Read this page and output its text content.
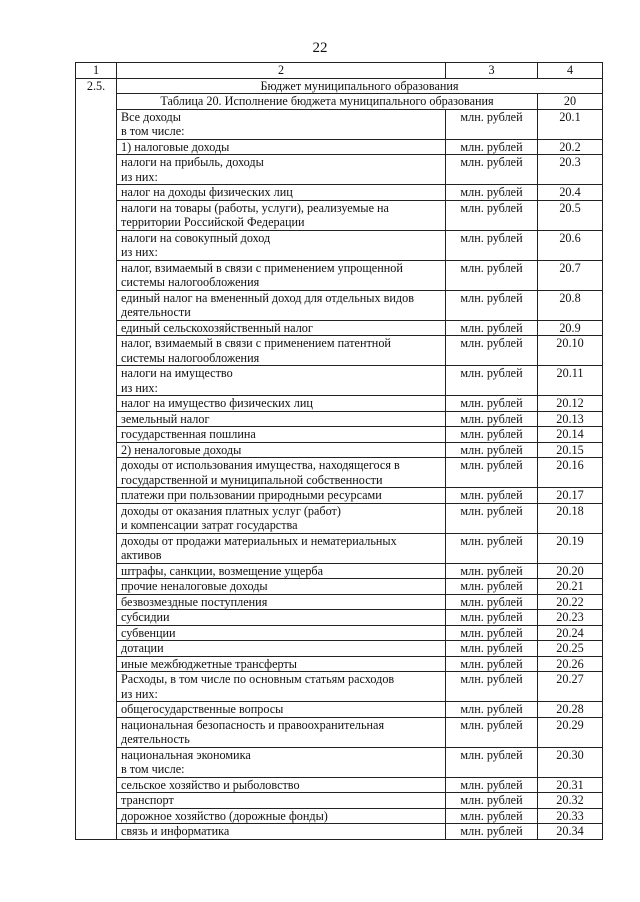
22
1	2	3	4
2.5.	Бюджет муниципального образования		
	Таблица 20. Исполнение бюджета муниципального образования		20

	Все доходы
в том числе:	млн. рублей	20.1

	1) налоговые доходы	млн. рублей	20.2

	налоги на прибыль, доходы
из них:	млн. рублей	20.3

	налог на доходы физических лиц	млн. рублей	20.4

	налоги на товары (работы, услуги), реализуемые на
территории Российской Федерации	млн. рублей	20.5

	налоги на совокупный доход
из них:	млн. рублей	20.6

	налог, взимаемый в связи с применением упрощенной
системы налогообложения	млн. рублей	20.7

	единый налог на вмененный доход для отдельных видов
деятельности	млн. рублей	20.8

	единый сельскохозяйственный налог	млн. рублей	20.9

	налог, взимаемый в связи с применением патентной
системы налогообложения	млн. рублей	20.10

	налоги на имущество
из них:	млн. рублей	20.11

	налог на имущество физических лиц	млн. рублей	20.12

	земельный налог	млн. рублей	20.13

	государственная пошлина	млн. рублей	20.14

	2) неналоговые доходы	млн. рублей	20.15

	доходы от использования имущества, находящегося в
государственной и муниципальной собственности	млн. рублей	20.16

	платежи при пользовании природными ресурсами	млн. рублей	20.17

	доходы от оказания платных услуг (работ)
и компенсации затрат государства	млн. рублей	20.18

	доходы от продажи материальных и нематериальных
активов	млн. рублей	20.19

	штрафы, санкции, возмещение ущерба	млн. рублей	20.20

	прочие неналоговые доходы	млн. рублей	20.21

	безвозмездные поступления	млн. рублей	20.22

	субсидии	млн. рублей	20.23

	субвенции	млн. рублей	20.24

	дотации	млн. рублей	20.25

	иные межбюджетные трансферты	млн. рублей	20.26

	Расходы, в том числе по основным статьям расходов
из них:	млн. рублей	20.27

	общегосударственные вопросы	млн. рублей	20.28

	национальная безопасность и правоохранительная
деятельность	млн. рублей	20.29

	национальная экономика
в том числе:	млн. рублей	20.30

	сельское хозяйство и рыболовство	млн. рублей	20.31

	транспорт	млн. рублей	20.32

	дорожное хозяйство (дорожные фонды)	млн. рублей	20.33

	связь и информатика	млн. рублей	20.34
